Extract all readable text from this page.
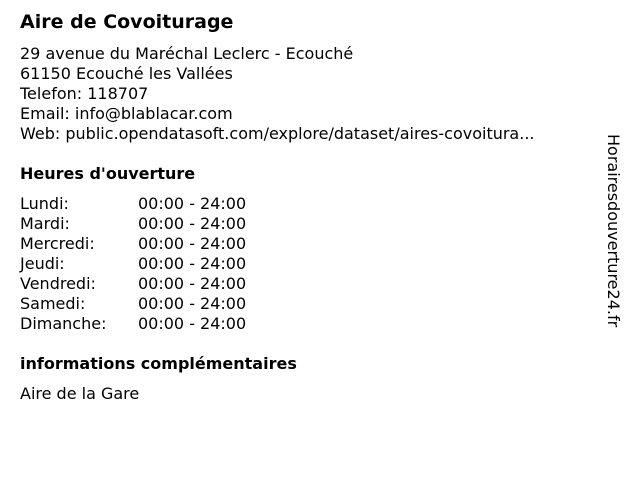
Aire de Covoiturage
29 avenue du Maréchal Leclerc - Ecouché
61150 Ecouché les Vallées
Telefon: 118707
Email: info@blablacar.com
Web: public.opendatasoft.com/explore/dataset/aires-covoitura...
Heures d'ouverture
Lundi:	00:00 - 24:00
Mardi:	00:00 - 24:00
Mercredi:	00:00 - 24:00
Jeudi:	00:00 - 24:00
Vendredi:	00:00 - 24:00
Samedi:	00:00 - 24:00
Dimanche:	00:00 - 24:00
informations complémentaires
Aire de la Gare
Horairesdouverture24.fr
